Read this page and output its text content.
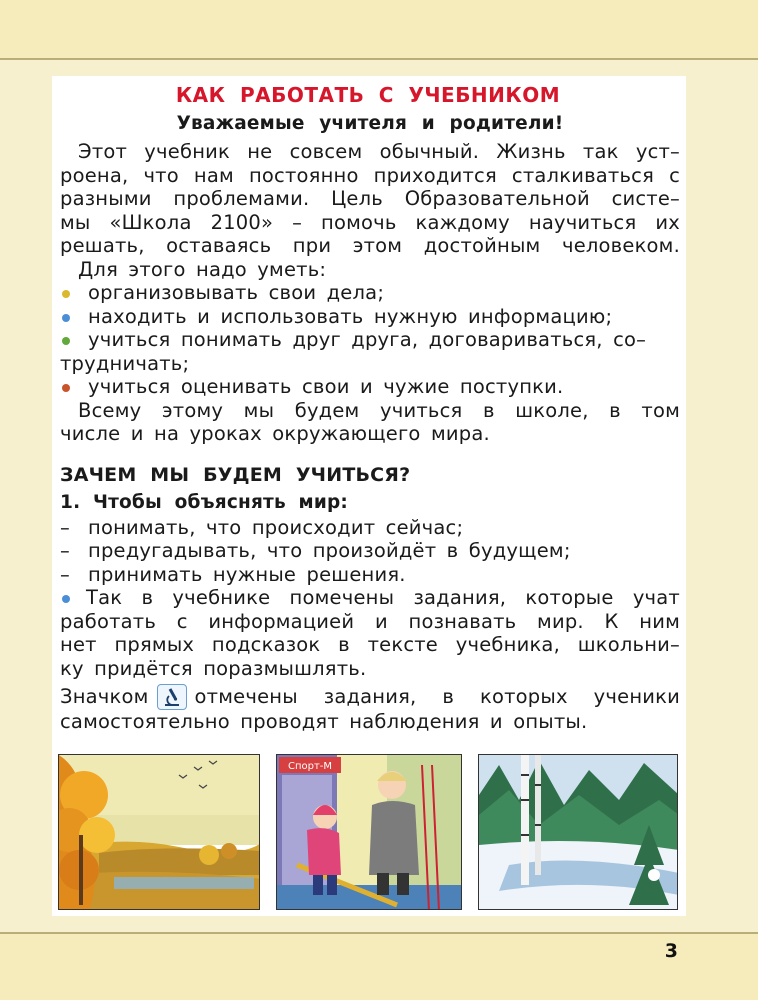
КАК РАБОТАТЬ С УЧЕБНИКОМ
Уважаемые учителя и родители!

Этот учебник не совсем обычный. Жизнь так уст–

роена, что нам постоянно приходится сталкиваться с

разными проблемами. Цель Образовательной систе–

мы «Школа 2100» – помочь каждому научиться их

решать, оставаясь при этом достойным человеком.

Для этого надо уметь:

организовывать свои дела;
находить и использовать нужную информацию;
учиться понимать друг друга, договариваться, со–

трудничать;

учиться оценивать свои и чужие поступки.

Всему этому мы будем учиться в школе, в том

числе и на уроках окружающего мира.

ЗАЧЕМ МЫ БУДЕМ УЧИТЬСЯ?
1. Чтобы объяснять мир:
– понимать, что происходит сейчас;
– предугадывать, что произойдёт в будущем;
– принимать нужные решения.

Так в учебнике помечены задания, которые учат

работать с информацией и познавать мир. К ним

нет прямых подсказок в тексте учебника, школьни–

ку придётся поразмышлять.

Значком отмечены задания, в которых ученики

самостоятельно проводят наблюдения и опыты.

Спорт-М
3
